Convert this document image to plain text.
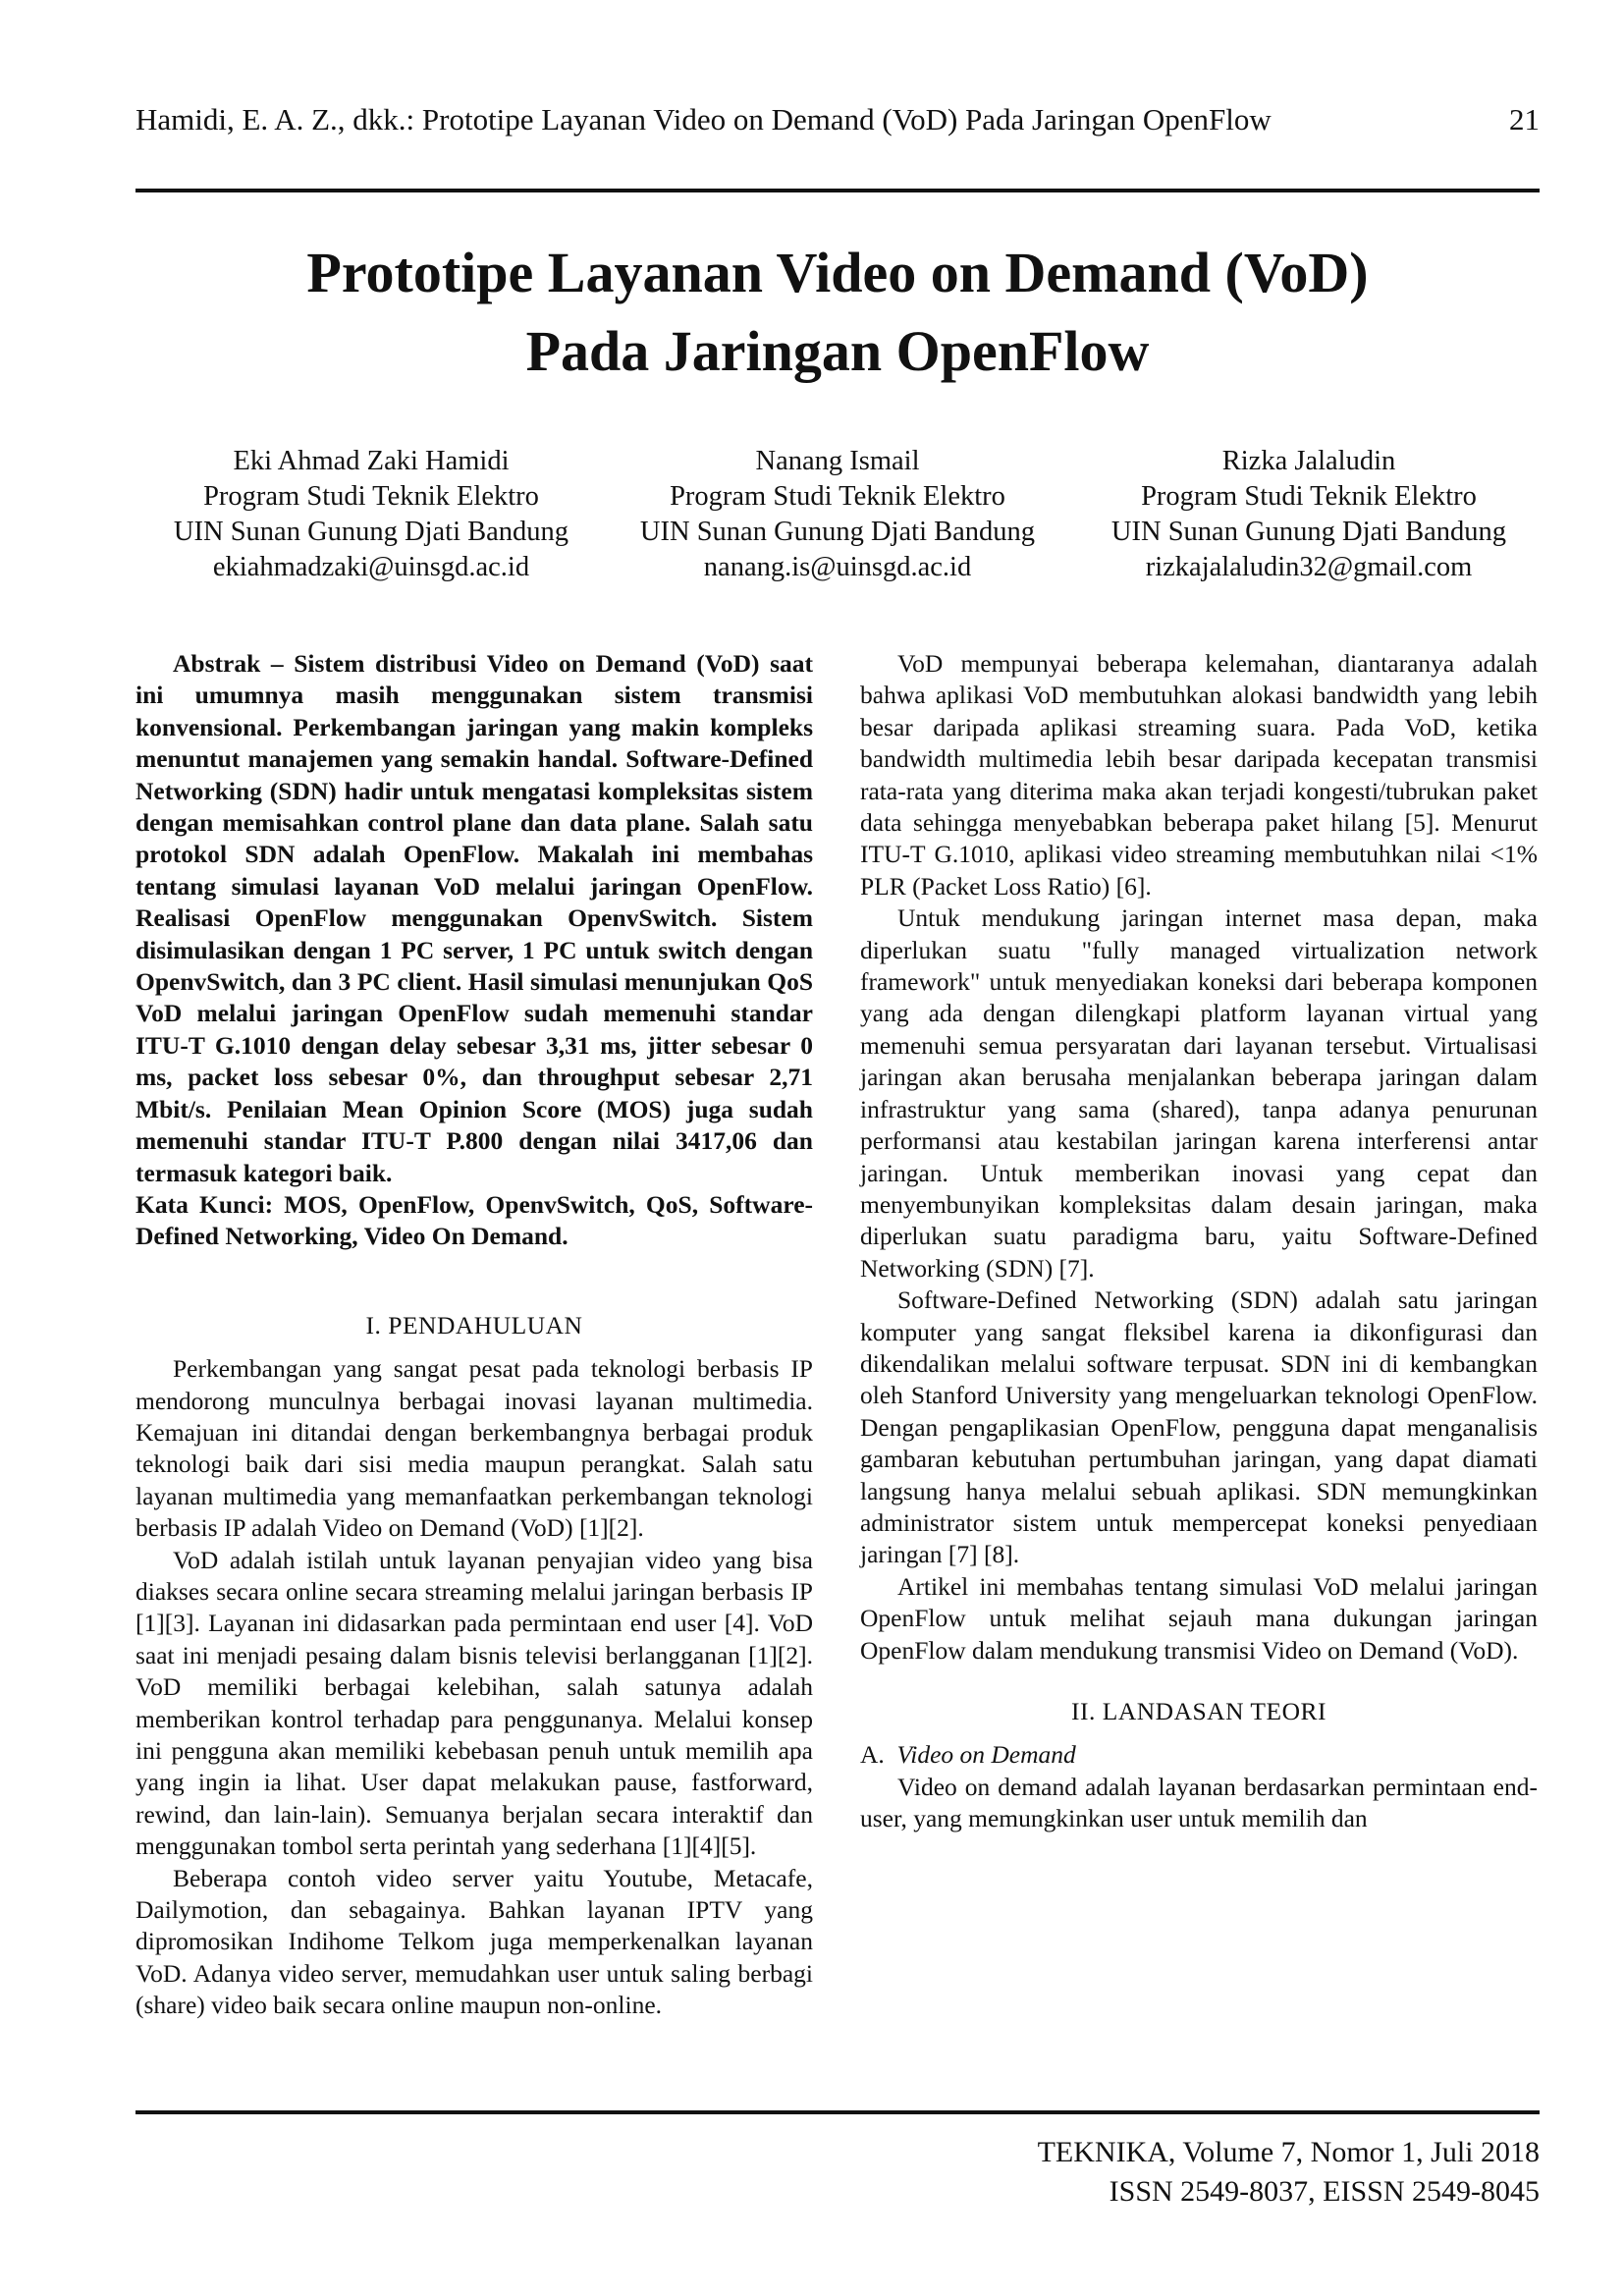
Hamidi, E. A. Z., dkk.: Prototipe Layanan Video on Demand (VoD) Pada Jaringan OpenFlow	21
Prototipe Layanan Video on Demand (VoD)
Pada Jaringan OpenFlow
Eki Ahmad Zaki Hamidi
Program Studi Teknik Elektro
UIN Sunan Gunung Djati Bandung
ekiahmadzaki@uinsgd.ac.id
Nanang Ismail
Program Studi Teknik Elektro
UIN Sunan Gunung Djati Bandung
nanang.is@uinsgd.ac.id
Rizka Jalaludin
Program Studi Teknik Elektro
UIN Sunan Gunung Djati Bandung
rizkajalaludin32@gmail.com

Abstrak – Sistem distribusi Video on Demand (VoD) saat ini umumnya masih menggunakan sistem transmisi konvensional. Perkembangan jaringan yang makin kompleks menuntut manajemen yang semakin handal. Software-Defined Networking (SDN) hadir untuk mengatasi kompleksitas sistem dengan memisahkan control plane dan data plane. Salah satu protokol SDN adalah OpenFlow. Makalah ini membahas tentang simulasi layanan VoD melalui jaringan OpenFlow. Realisasi OpenFlow menggunakan OpenvSwitch. Sistem disimulasikan dengan 1 PC server, 1 PC untuk switch dengan OpenvSwitch, dan 3 PC client. Hasil simulasi menunjukan QoS VoD melalui jaringan OpenFlow sudah memenuhi standar ITU-T G.1010 dengan delay sebesar 3,31 ms, jitter sebesar 0 ms, packet loss sebesar 0%, dan throughput sebesar 2,71 Mbit/s. Penilaian Mean Opinion Score (MOS) juga sudah memenuhi standar ITU-T P.800 dengan nilai 3417,06 dan termasuk kategori baik.

Kata Kunci: MOS, OpenFlow, OpenvSwitch, QoS, Software-Defined Networking, Video On Demand.

I. PENDAHULUAN

Perkembangan yang sangat pesat pada teknologi berbasis IP mendorong munculnya berbagai inovasi layanan multimedia. Kemajuan ini ditandai dengan berkembangnya berbagai produk teknologi baik dari sisi media maupun perangkat. Salah satu layanan multimedia yang memanfaatkan perkembangan teknologi berbasis IP adalah Video on Demand (VoD) [1][2].

VoD adalah istilah untuk layanan penyajian video yang bisa diakses secara online secara streaming melalui jaringan berbasis IP [1][3]. Layanan ini didasarkan pada permintaan end user [4]. VoD saat ini menjadi pesaing dalam bisnis televisi berlangganan [1][2]. VoD memiliki berbagai kelebihan, salah satunya adalah memberikan kontrol terhadap para penggunanya. Melalui konsep ini pengguna akan memiliki kebebasan penuh untuk memilih apa yang ingin ia lihat. User dapat melakukan pause, fastforward, rewind, dan lain-lain). Semuanya berjalan secara interaktif dan menggunakan tombol serta perintah yang sederhana [1][4][5].

Beberapa contoh video server yaitu Youtube, Metacafe, Dailymotion, dan sebagainya. Bahkan layanan IPTV yang dipromosikan Indihome Telkom juga memperkenalkan layanan VoD. Adanya video server, memudahkan user untuk saling berbagi (share) video baik secara online maupun non-online.

VoD mempunyai beberapa kelemahan, diantaranya adalah bahwa aplikasi VoD membutuhkan alokasi bandwidth yang lebih besar daripada aplikasi streaming suara. Pada VoD, ketika bandwidth multimedia lebih besar daripada kecepatan transmisi rata-rata yang diterima maka akan terjadi kongesti/tubrukan paket data sehingga menyebabkan beberapa paket hilang [5]. Menurut ITU-T G.1010, aplikasi video streaming membutuhkan nilai <1% PLR (Packet Loss Ratio) [6].

Untuk mendukung jaringan internet masa depan, maka diperlukan suatu "fully managed virtualization network framework" untuk menyediakan koneksi dari beberapa komponen yang ada dengan dilengkapi platform layanan virtual yang memenuhi semua persyaratan dari layanan tersebut. Virtualisasi jaringan akan berusaha menjalankan beberapa jaringan dalam infrastruktur yang sama (shared), tanpa adanya penurunan performansi atau kestabilan jaringan karena interferensi antar jaringan. Untuk memberikan inovasi yang cepat dan menyembunyikan kompleksitas dalam desain jaringan, maka diperlukan suatu paradigma baru, yaitu Software-Defined Networking (SDN) [7].

Software-Defined Networking (SDN) adalah satu jaringan komputer yang sangat fleksibel karena ia dikonfigurasi dan dikendalikan melalui software terpusat. SDN ini di kembangkan oleh Stanford University yang mengeluarkan teknologi OpenFlow. Dengan pengaplikasian OpenFlow, pengguna dapat menganalisis gambaran kebutuhan pertumbuhan jaringan, yang dapat diamati langsung hanya melalui sebuah aplikasi. SDN memungkinkan administrator sistem untuk mempercepat koneksi penyediaan jaringan [7] [8].

Artikel ini membahas tentang simulasi VoD melalui jaringan OpenFlow untuk melihat sejauh mana dukungan jaringan OpenFlow dalam mendukung transmisi Video on Demand (VoD).

II. LANDASAN TEORI

A. Video on Demand

Video on demand adalah layanan berdasarkan permintaan end-user, yang memungkinkan user untuk memilih dan

TEKNIKA, Volume 7, Nomor 1, Juli 2018
ISSN 2549-8037, EISSN 2549-8045
